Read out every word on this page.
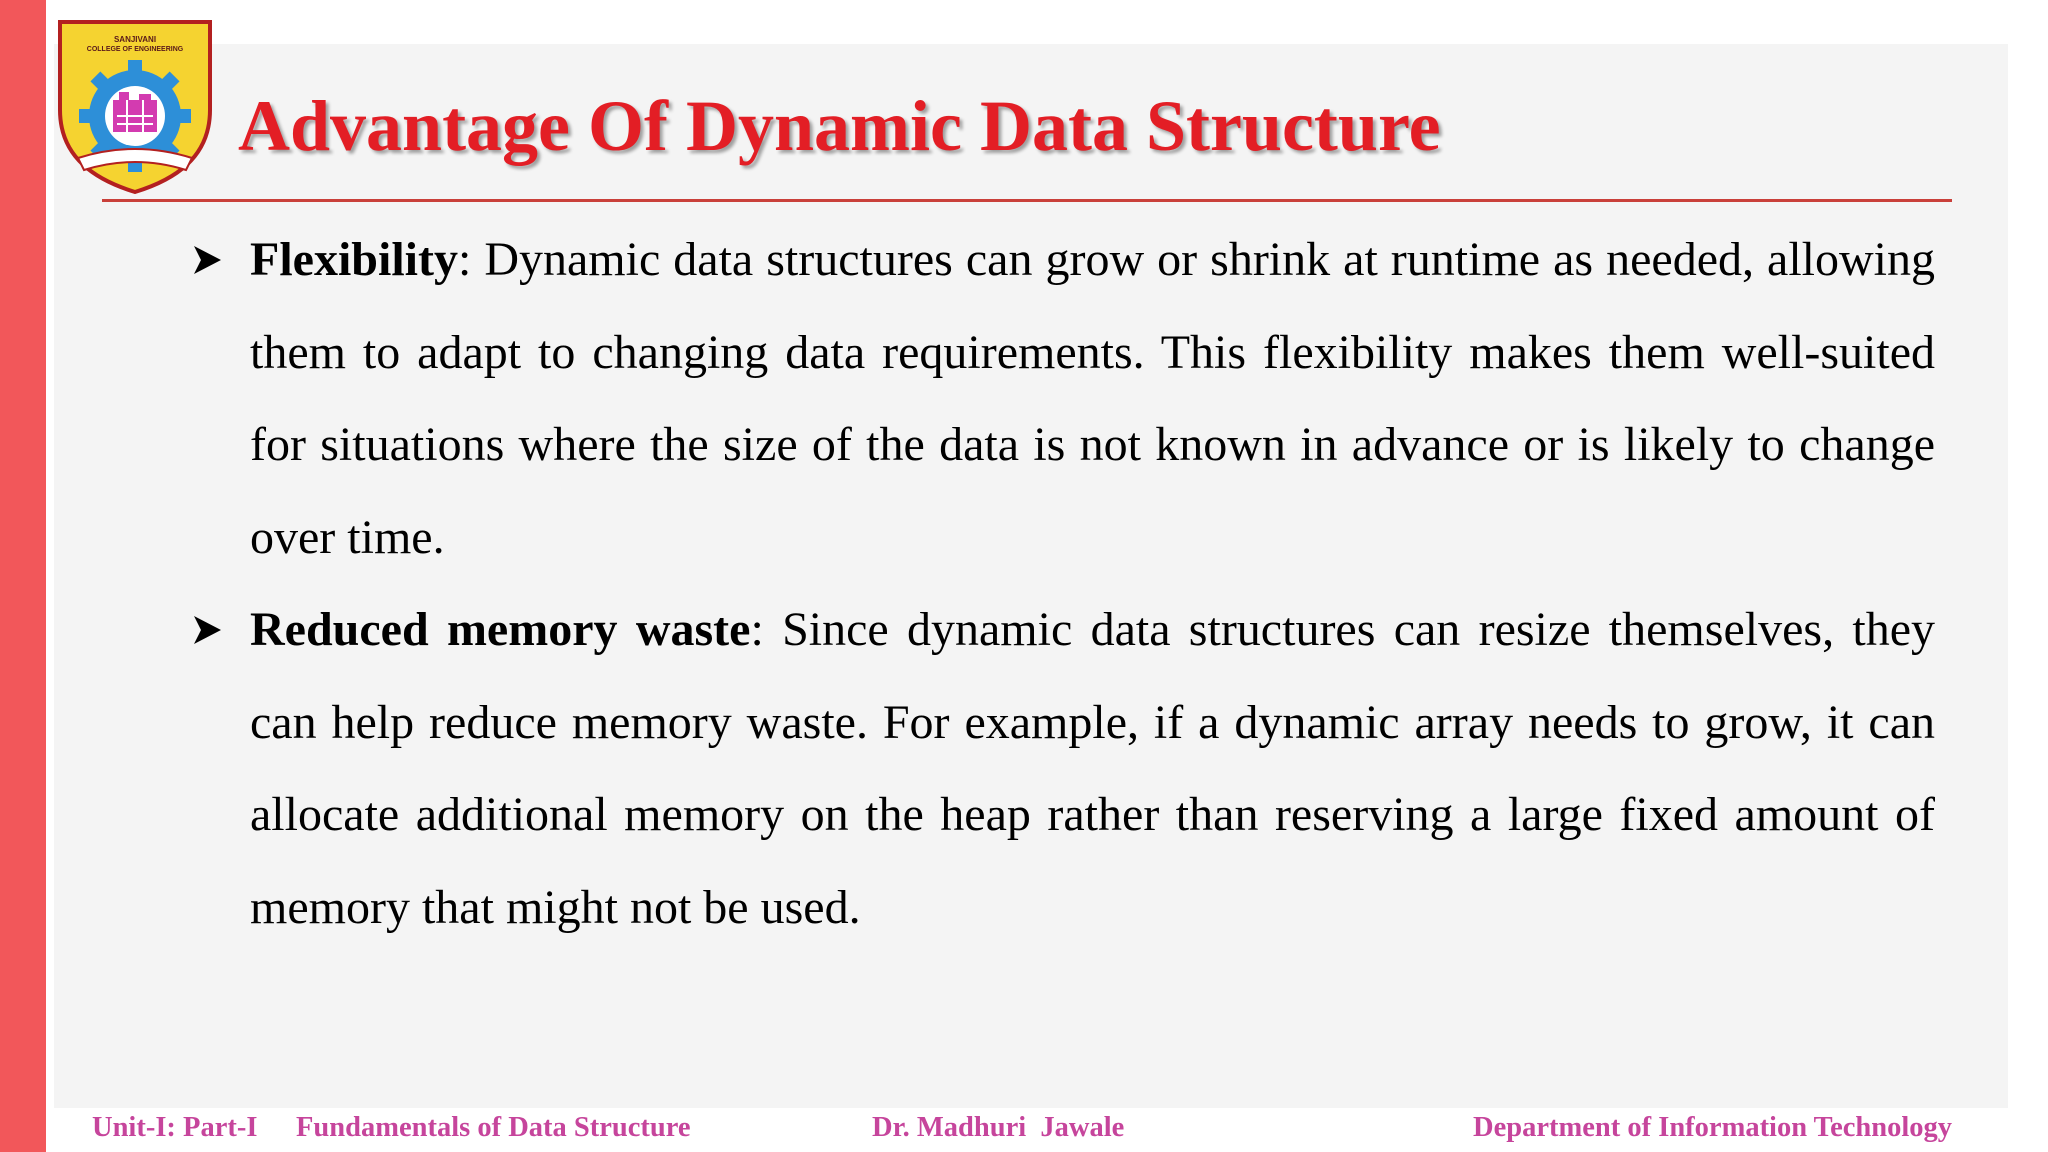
SANJIVANI
COLLEGE OF ENGINEERING
Advantage Of Dynamic Data Structure

Flexibility: Dynamic data structures can grow or shrink at runtime as needed, allowing them to adapt to changing data requirements. This flexibility makes them well-suited for situations where the size of the data is not known in advance or is likely to change over time.

Reduced memory waste: Since dynamic data structures can resize themselves, they can help reduce memory waste. For example, if a dynamic array needs to grow, it can allocate additional memory on the heap rather than reserving a large fixed amount of memory that might not be used.

Unit-I: Part-I Fundamentals of Data Structure	Dr. Madhuri  Jawale	Department of Information Technology
